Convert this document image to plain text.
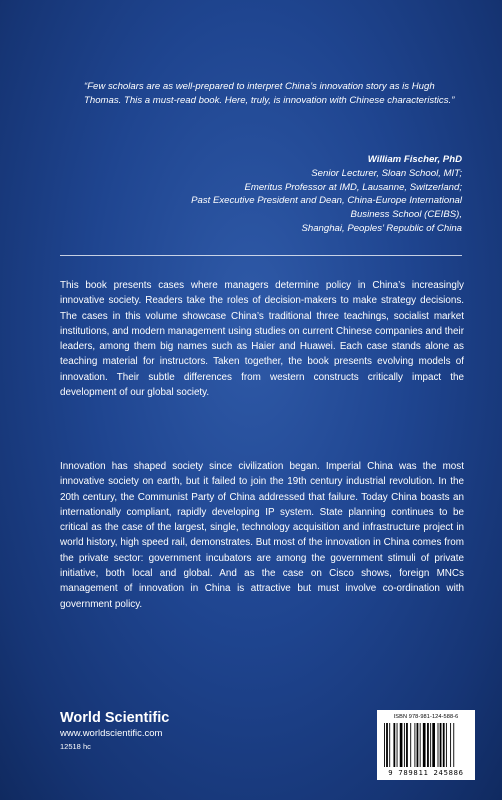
“Few scholars are as well-prepared to interpret China’s innovation story as is Hugh Thomas. This a must-read book. Here, truly, is innovation with Chinese characteristics.”
William Fischer, PhD
Senior Lecturer, Sloan School, MIT;
Emeritus Professor at IMD, Lausanne, Switzerland;
Past Executive President and Dean, China-Europe International
Business School (CEIBS),
Shanghai, Peoples’ Republic of China
This book presents cases where managers determine policy in China’s increasingly innovative society. Readers take the roles of decision-makers to make strategy decisions. The cases in this volume showcase China’s traditional three teachings, socialist market institutions, and modern management using studies on current Chinese companies and their leaders, among them big names such as Haier and Huawei. Each case stands alone as teaching material for instructors. Taken together, the book presents evolving models of innovation. Their subtle differences from western constructs critically impact the development of our global society.
Innovation has shaped society since civilization began. Imperial China was the most innovative society on earth, but it failed to join the 19th century industrial revolution. In the 20th century, the Communist Party of China addressed that failure. Today China boasts an internationally compliant, rapidly developing IP system. State planning continues to be critical as the case of the largest, single, technology acquisition and infrastructure project in world history, high speed rail, demonstrates. But most of the innovation in China comes from the private sector: government incubators are among the government stimuli of private initiative, both local and global. And as the case on Cisco shows, foreign MNCs management of innovation in China is attractive but must involve co-ordination with government policy.
World Scientific
www.worldscientific.com
12518 hc
ISBN 978-981-124-588-6
9 789811 245886
